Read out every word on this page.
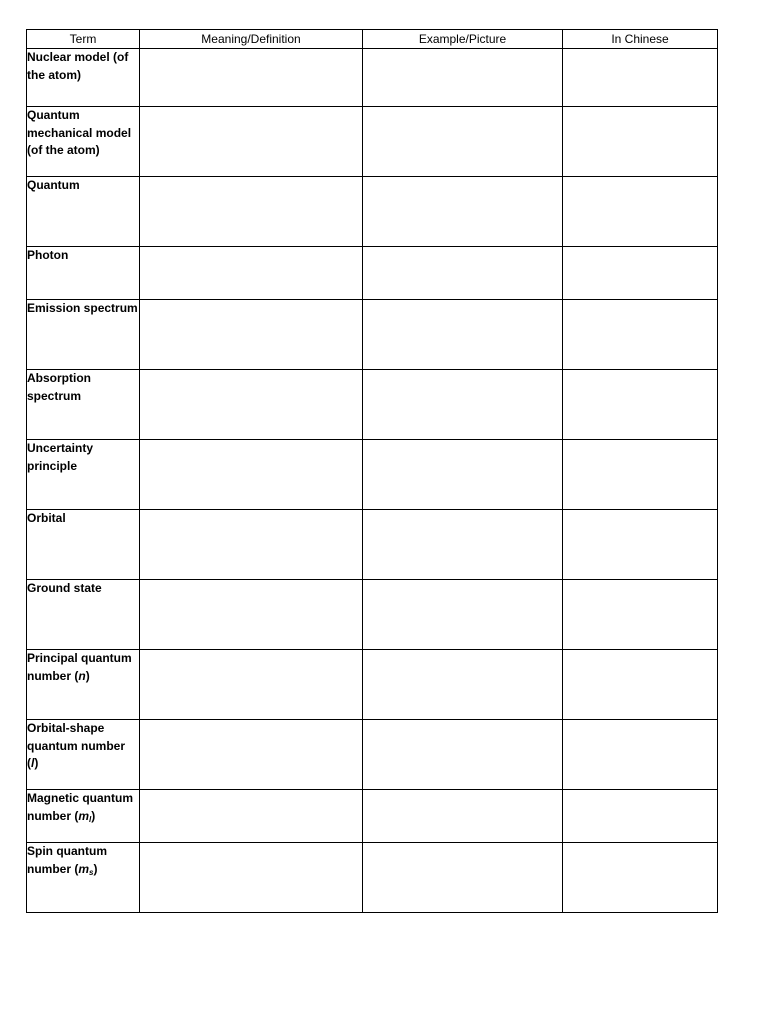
Term	Meaning/Definition	Example/Picture	In Chinese
Nuclear model (of the atom)			
Quantum mechanical model (of the atom)			
Quantum			
Photon			
Emission spectrum			
Absorption spectrum			
Uncertainty principle			
Orbital			
Ground state			
Principal quantum number (n)			
Orbital-shape quantum number (l)			
Magnetic quantum number $(m_l)$			
Spin quantum number $(m_s)$			
